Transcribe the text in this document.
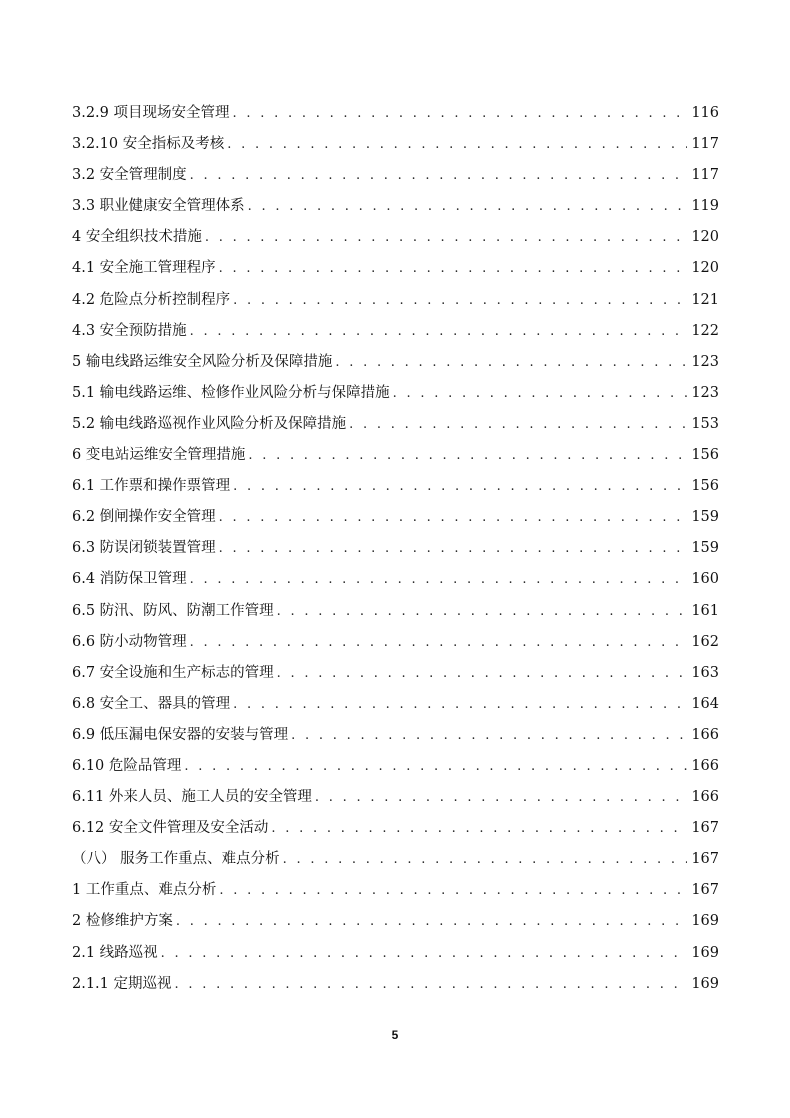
3.2.9 项目现场安全管理 . . .	116
3.2.10 安全指标及考核 . . .	117
3.2 安全管理制度 . . .	117
3.3 职业健康安全管理体系 . . .	119
4 安全组织技术措施 . . .	120
4.1 安全施工管理程序 . . .	120
4.2 危险点分析控制程序 . . .	121
4.3 安全预防措施 . . .	122
5 输电线路运维安全风险分析及保障措施 . . .	123
5.1 输电线路运维、检修作业风险分析与保障措施 . . .	123
5.2 输电线路巡视作业风险分析及保障措施 . . .	153
6 变电站运维安全管理措施 . . .	156
6.1 工作票和操作票管理 . . .	156
6.2 倒闸操作安全管理 . . .	159
6.3 防误闭锁装置管理 . . .	159
6.4 消防保卫管理 . . .	160
6.5 防汛、防风、防潮工作管理 . . .	161
6.6 防小动物管理 . . .	162
6.7 安全设施和生产标志的管理 . . .	163
6.8 安全工、器具的管理 . . .	164
6.9 低压漏电保安器的安装与管理 . . .	166
6.10 危险品管理 . . .	166
6.11 外来人员、施工人员的安全管理 . . .	166
6.12 安全文件管理及安全活动 . . .	167
（八） 服务工作重点、难点分析 . . .	167
1 工作重点、难点分析 . . .	167
2 检修维护方案 . . .	169
2.1 线路巡视 . . .	169
2.1.1 定期巡视 . . .	169
5
